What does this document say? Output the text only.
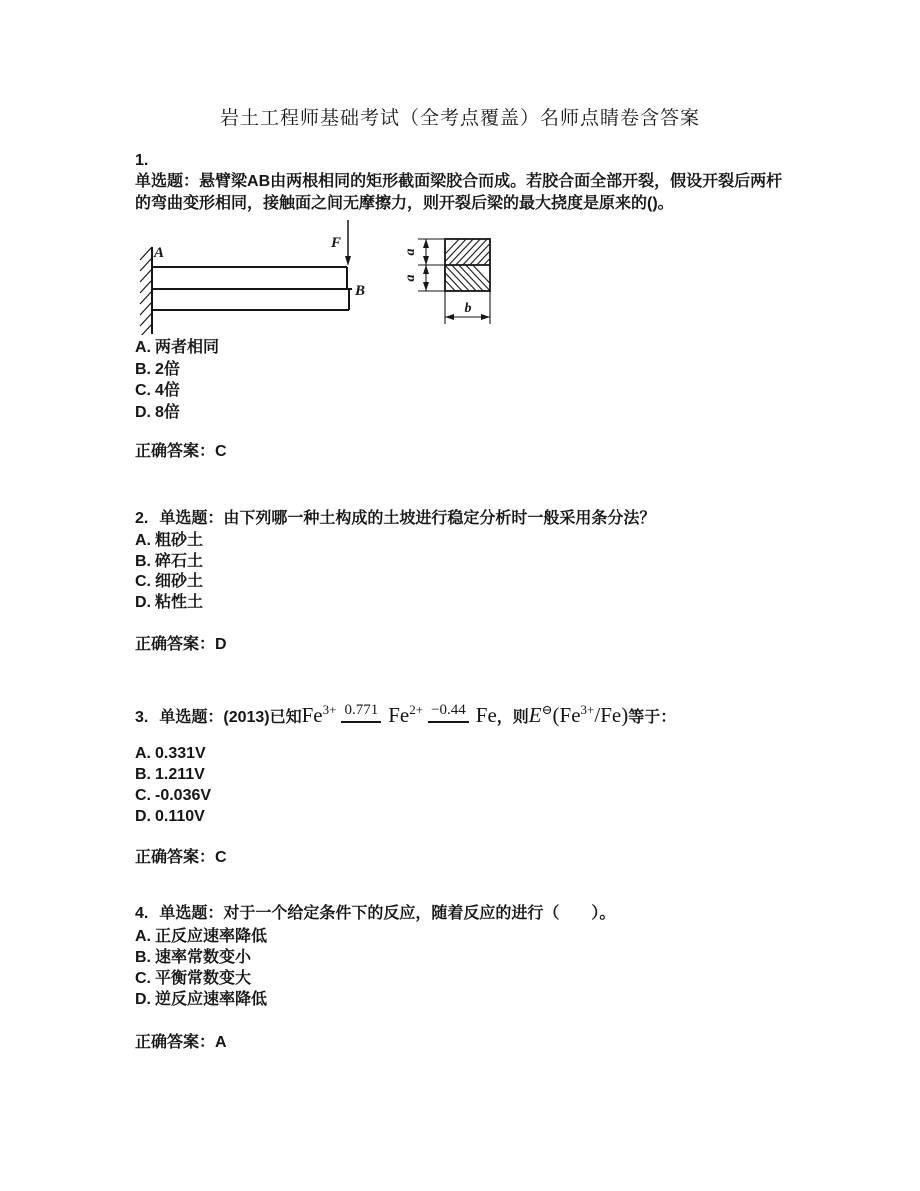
岩土工程师基础考试（全考点覆盖）名师点睛卷含答案
1.
单选题：悬臂梁AB由两根相同的矩形截面梁胶合而成。若胶合面全部开裂，假设开裂后两杆的弯曲变形相同，接触面之间无摩擦力，则开裂后梁的最大挠度是原来的()。
F
A
B
a
a
b
A. 两者相同
B. 2倍
C. 4倍
D. 8倍
正确答案：C
2. 单选题：由下列哪一种土构成的土坡进行稳定分析时一般采用条分法？
A. 粗砂土
B. 碎石土
C. 细砂土
D. 粘性土
正确答案：D
3. 单选题：(2013)已知$Fe^{3+}$ 0.771 $Fe^{2+} -0.44$ Fe，则$E^⊖(Fe^{3+}/Fe)$等于：
A. 0.331V
B. 1.211V
C. -0.036V
D. 0.110V
正确答案：C
4. 单选题：对于一个给定条件下的反应，随着反应的进行（　　）。
A. 正反应速率降低
B. 速率常数变小
C. 平衡常数变大
D. 逆反应速率降低
正确答案：A
